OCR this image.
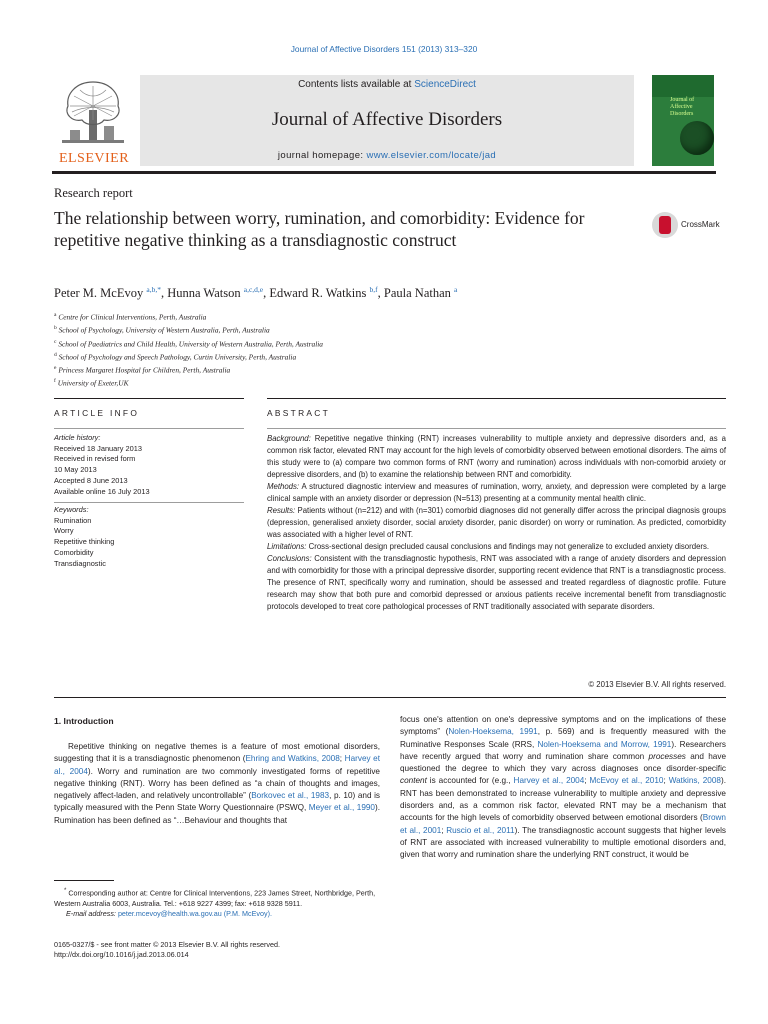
Journal of Affective Disorders 151 (2013) 313–320
ELSEVIER
Contents lists available at ScienceDirect
Journal of Affective Disorders
journal homepage: www.elsevier.com/locate/jad
Journal of Affective Disorders
Research report
The relationship between worry, rumination, and comorbidity: Evidence for repetitive negative thinking as a transdiagnostic construct
CrossMark
Peter M. McEvoy $^{a,b,*}$, Hunna Watson $^{a,c,d,e}$, Edward R. Watkins $^{b,f}$, Paula Nathan $^a$
$^a$ Centre for Clinical Interventions, Perth, Australia
$^b$ School of Psychology, University of Western Australia, Perth, Australia
$^c$ School of Paediatrics and Child Health, University of Western Australia, Perth, Australia
$^d$ School of Psychology and Speech Pathology, Curtin University, Perth, Australia
$^e$ Princess Margaret Hospital for Children, Perth, Australia
$^f$ University of Exeter,UK
ARTICLE INFO	ABSTRACT
Article history:
Received 18 January 2013
Received in revised form
10 May 2013
Accepted 8 June 2013
Available online 16 July 2013
Keywords:
Rumination
Worry
Repetitive thinking
Comorbidity
Transdiagnostic

Background: Repetitive negative thinking (RNT) increases vulnerability to multiple anxiety and depressive disorders and, as a common risk factor, elevated RNT may account for the high levels of comorbidity observed between emotional disorders. The aims of this study were to (a) compare two common forms of RNT (worry and rumination) across individuals with non-comorbid anxiety or depressive disorders, and (b) to examine the relationship between RNT and comorbidity.

Methods: A structured diagnostic interview and measures of rumination, worry, anxiety, and depression were completed by a large clinical sample with an anxiety disorder or depression (N=513) presenting at a community mental health clinic.

Results: Patients without (n=212) and with (n=301) comorbid diagnoses did not generally differ across the principal diagnosis groups (depression, generalised anxiety disorder, social anxiety disorder, panic disorder) on worry or rumination. As predicted, comorbidity was associated with a higher level of RNT.

Limitations: Cross-sectional design precluded causal conclusions and findings may not generalize to excluded anxiety disorders.

Conclusions: Consistent with the transdiagnostic hypothesis, RNT was associated with a range of anxiety disorders and depression and with comorbidity for those with a principal depressive disorder, supporting recent evidence that RNT is a transdiagnostic process. The presence of RNT, specifically worry and rumination, should be assessed and treated regardless of diagnostic profile. Future research may show that both pure and comorbid depressed or anxious patients receive incremental benefit from transdiagnostic protocols developed to treat core pathological processes of RNT traditionally associated with separate disorders.

© 2013 Elsevier B.V. All rights reserved.
1. Introduction
Repetitive thinking on negative themes is a feature of most emotional disorders, suggesting that it is a transdiagnostic phenomenon (Ehring and Watkins, 2008; Harvey et al., 2004). Worry and rumination are two commonly investigated forms of repetitive negative thinking (RNT). Worry has been defined as “a chain of thoughts and images, negatively affect-laden, and relatively uncontrollable” (Borkovec et al., 1983, p. 10) and is typically measured with the Penn State Worry Questionnaire (PSWQ, Meyer et al., 1990). Rumination has been defined as “…Behaviour and thoughts that
focus one's attention on one's depressive symptoms and on the implications of these symptoms” (Nolen-Hoeksema, 1991, p. 569) and is frequently measured with the Ruminative Responses Scale (RRS, Nolen-Hoeksema and Morrow, 1991). Researchers have recently argued that worry and rumination share common processes and have questioned the degree to which they vary across diagnoses once disorder-specific content is accounted for (e.g., Harvey et al., 2004; McEvoy et al., 2010; Watkins, 2008). RNT has been demonstrated to increase vulnerability to multiple anxiety and depressive disorders and, as a common risk factor, elevated RNT may be a mechanism that accounts for the high levels of comorbidity observed between emotional disorders (Brown et al., 2001; Ruscio et al., 2011). The transdiagnostic account suggests that higher levels of RNT are associated with increased vulnerability to multiple emotional disorders and, given that worry and rumination share the underlying RNT construct, it would be
* Corresponding author at: Centre for Clinical Interventions, 223 James Street, Northbridge, Perth, Western Australia 6003, Australia. Tel.: +618 9227 4399; fax: +618 9328 5911.
E-mail address: peter.mcevoy@health.wa.gov.au (P.M. McEvoy).
0165-0327/$ - see front matter © 2013 Elsevier B.V. All rights reserved.
http://dx.doi.org/10.1016/j.jad.2013.06.014
